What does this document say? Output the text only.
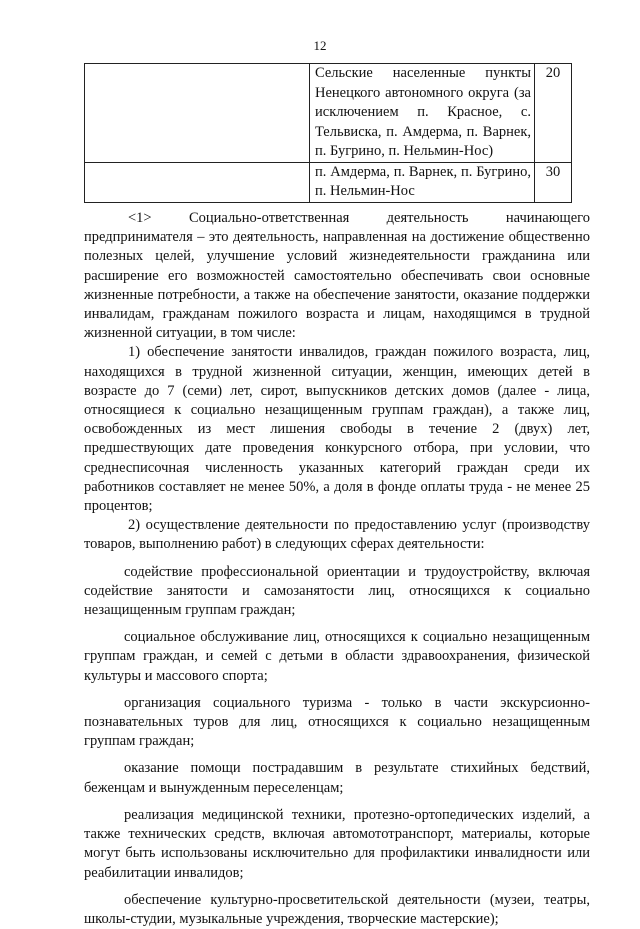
12

	Сельские населенные пункты Ненецкого автономного округа (за исключением п. Красное, с. Тельвиска, п. Амдерма, п. Варнек, п. Бугрино, п. Нельмин-Нос)	20

	п. Амдерма, п. Варнек, п. Бугрино, п. Нельмин-Нос	30

<1> Социально-ответственная деятельность начинающего предпринимателя – это деятельность, направленная на достижение общественно полезных целей, улучшение условий жизнедеятельности гражданина или расширение его возможностей самостоятельно обеспечивать свои основные жизненные потребности, а также на обеспечение занятости, оказание поддержки инвалидам, гражданам пожилого возраста и лицам, находящимся в трудной жизненной ситуации, в том числе:

1) обеспечение занятости инвалидов, граждан пожилого возраста, лиц, находящихся в трудной жизненной ситуации, женщин, имеющих детей в возрасте до 7 (семи) лет, сирот, выпускников детских домов (далее - лица, относящиеся к социально незащищенным группам граждан), а также лиц, освобожденных из мест лишения свободы в течение 2 (двух) лет, предшествующих дате проведения конкурсного отбора, при условии, что среднесписочная численность указанных категорий граждан среди их работников составляет не менее 50%, а доля в фонде оплаты труда - не менее 25 процентов;

2) осуществление деятельности по предоставлению услуг (производству товаров, выполнению работ) в следующих сферах деятельности:

содействие профессиональной ориентации и трудоустройству, включая содействие занятости и самозанятости лиц, относящихся к социально незащищенным группам граждан;

социальное обслуживание лиц, относящихся к социально незащищенным группам граждан, и семей с детьми в области здравоохранения, физической культуры и массового спорта;

организация социального туризма - только в части экскурсионно-познавательных туров для лиц, относящихся к социально незащищенным группам граждан;

оказание помощи пострадавшим в результате стихийных бедствий, беженцам и вынужденным переселенцам;

реализация медицинской техники, протезно-ортопедических изделий, а также технических средств, включая автомототранспорт, материалы, которые могут быть использованы исключительно для профилактики инвалидности или реабилитации инвалидов;

обеспечение культурно-просветительской деятельности (музеи, театры, школы-студии, музыкальные учреждения, творческие мастерские);
